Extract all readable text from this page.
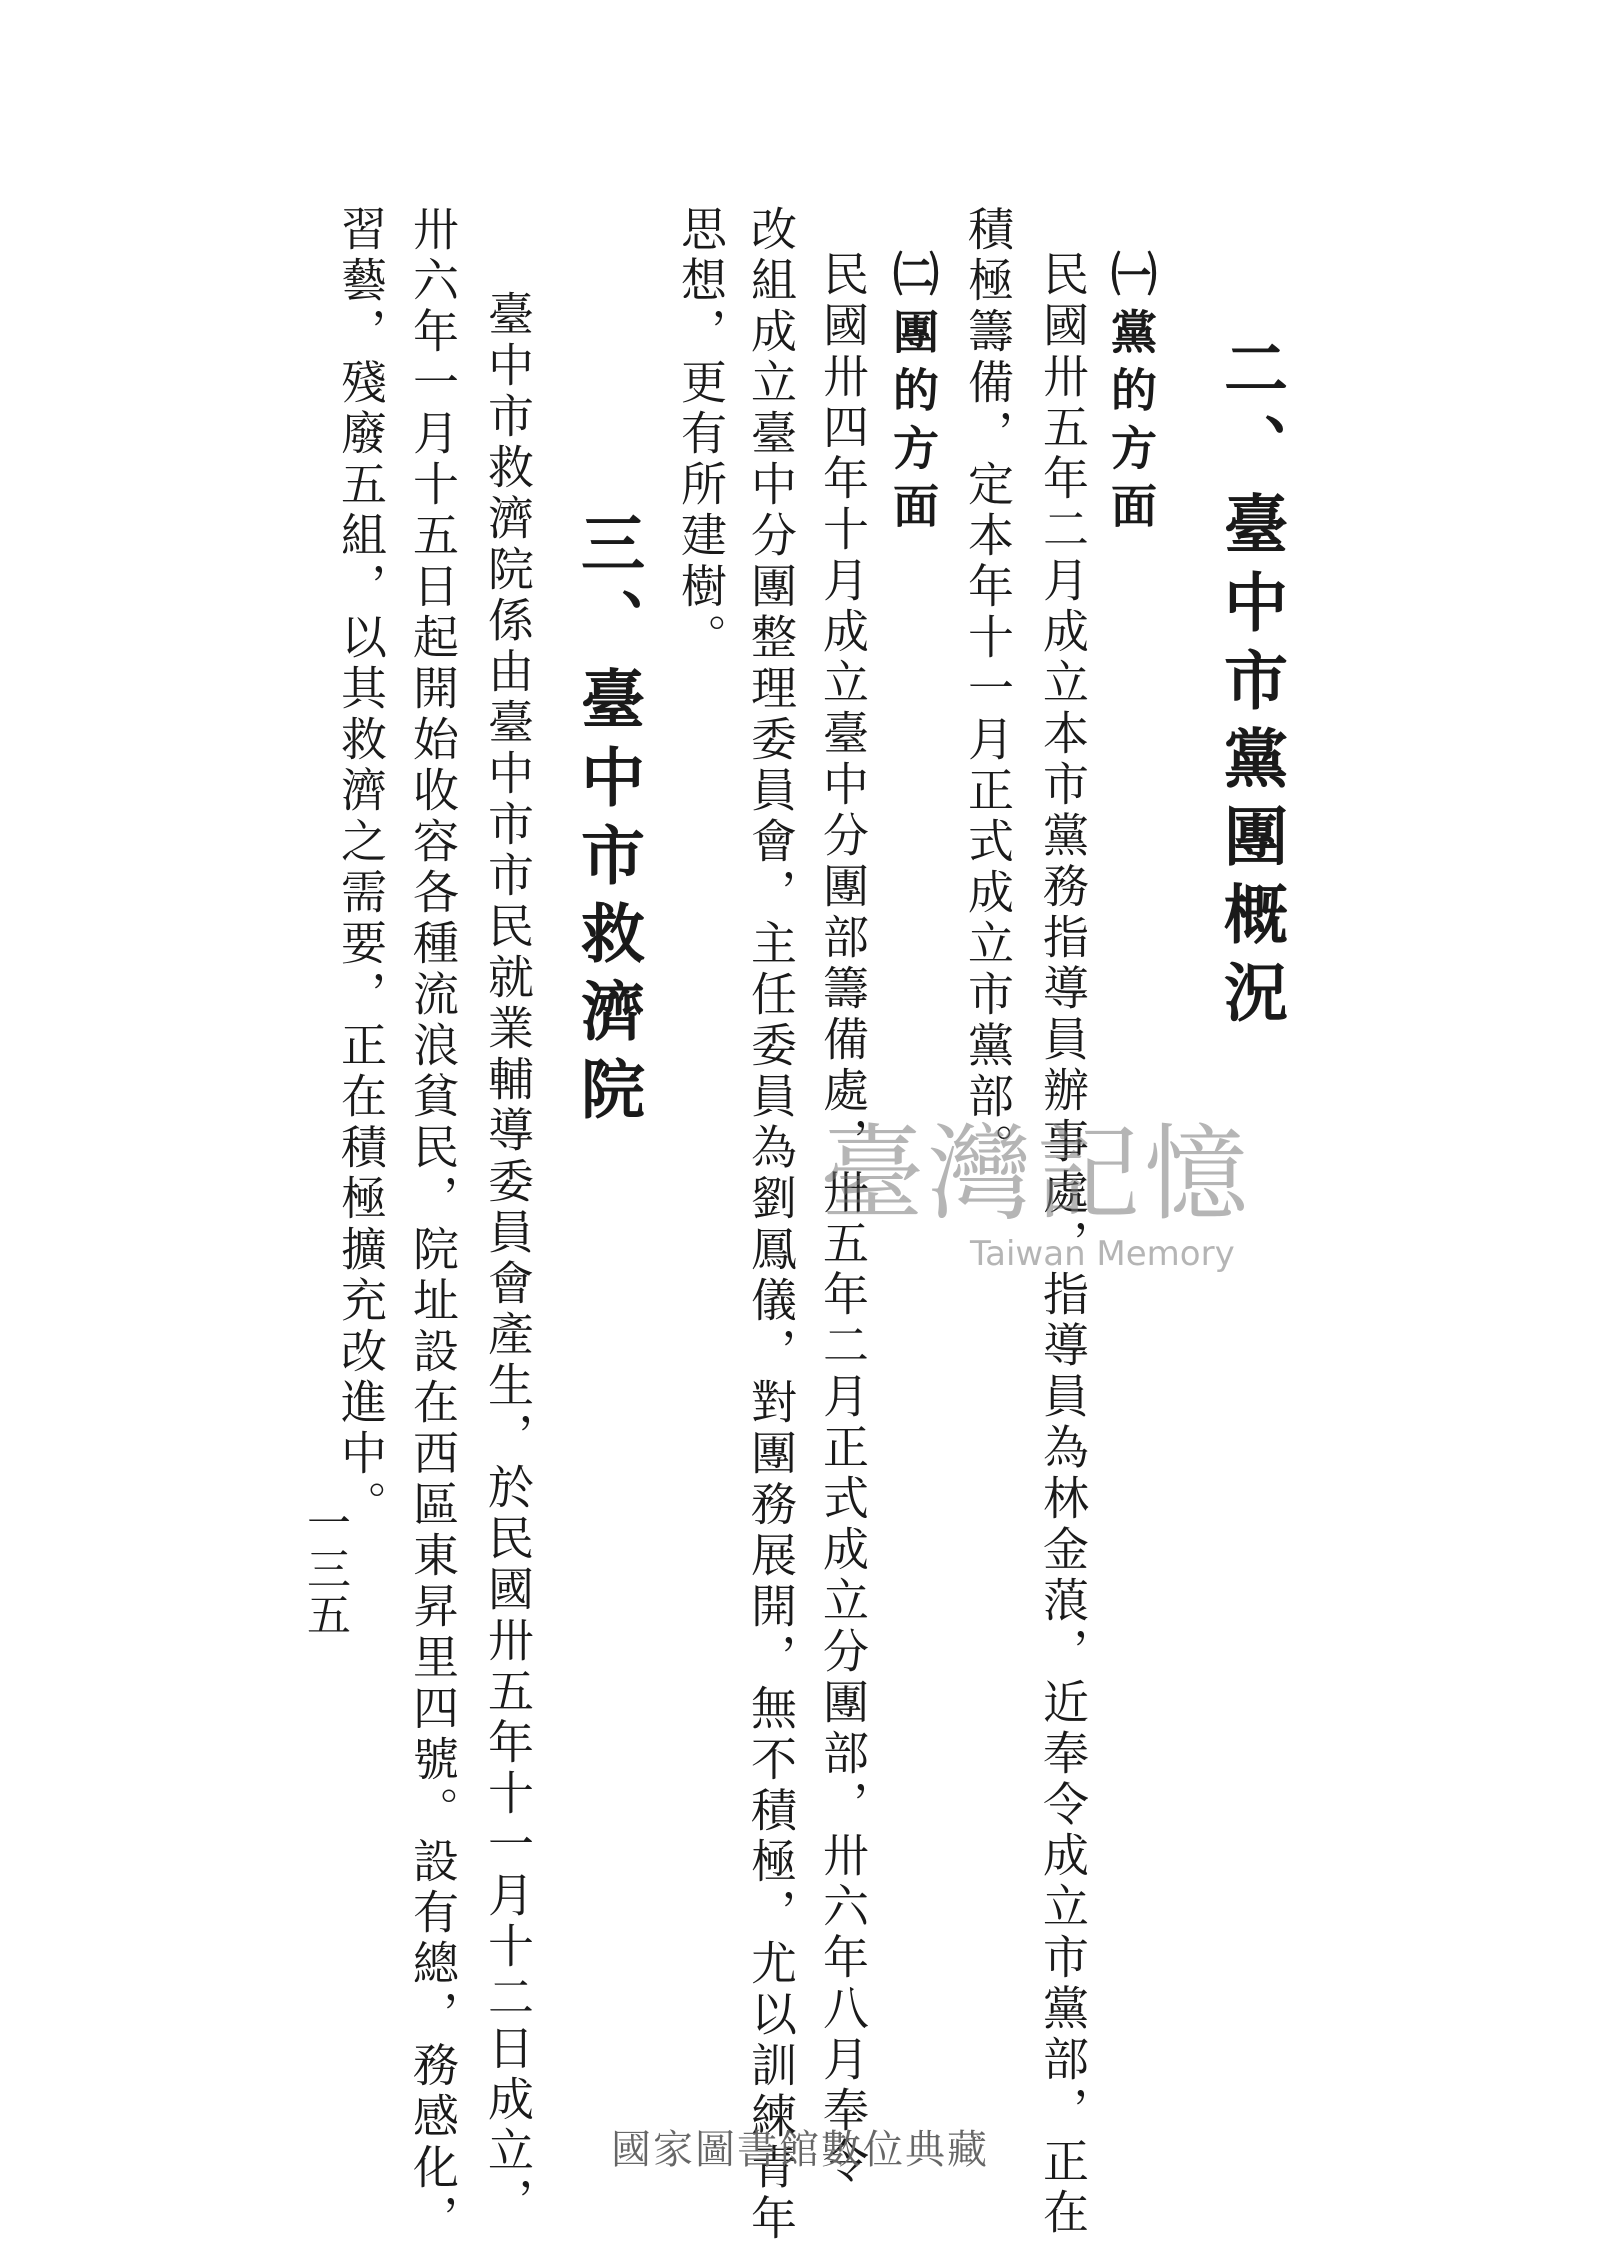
二、臺中市黨團概況
㈠黨的方面
民國卅五年二月成立本市黨務指導員辦事處，指導員為林金蒗，近奉令成立市黨部，正在
積極籌備，定本年十一月正式成立市黨部。
㈡團的方面
民國卅四年十月成立臺中分團部籌備處，卅五年二月正式成立分團部，卅六年八月奉令
改組成立臺中分團整理委員會，主任委員為劉鳳儀，對團務展開，無不積極，尤以訓練青年
思想，更有所建樹。
三、臺中市救濟院
臺中市救濟院係由臺中市市民就業輔導委員會產生，於民國卅五年十一月十二日成立，
卅六年一月十五日起開始收容各種流浪貧民，院址設在西區東昇里四號。設有總，務感化，
習藝，殘廢五組，以其救濟之需要，正在積極擴充改進中。
一三五
臺灣記憶
Taiwan Memory
國家圖書館數位典藏
